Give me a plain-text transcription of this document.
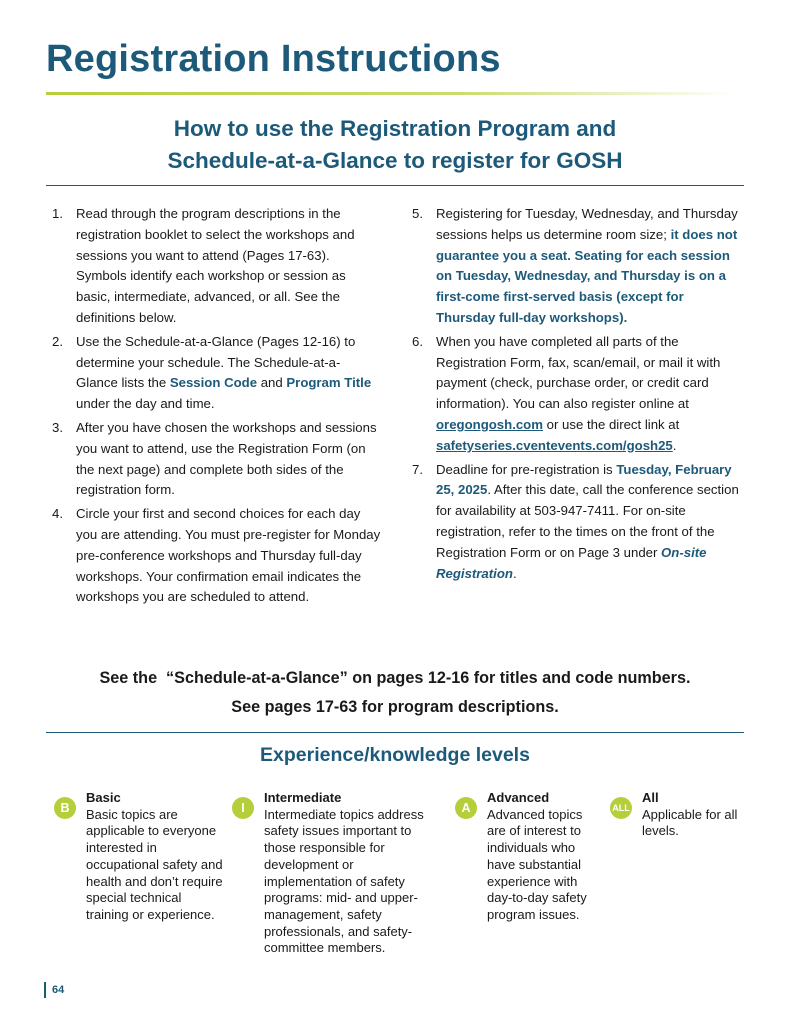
Registration Instructions
How to use the Registration Program and
Schedule-at-a-Glance to register for GOSH
1. Read through the program descriptions in the registration booklet to select the workshops and sessions you want to attend (Pages 17-63). Symbols identify each workshop or session as basic, intermediate, advanced, or all. See the definitions below.
2. Use the Schedule-at-a-Glance (Pages 12-16) to determine your schedule. The Schedule-at-a-Glance lists the Session Code and Program Title under the day and time.
3. After you have chosen the workshops and sessions you want to attend, use the Registration Form (on the next page) and complete both sides of the registration form.
4. Circle your first and second choices for each day you are attending. You must pre-register for Monday pre-conference workshops and Thursday full-day workshops. Your confirmation email indicates the workshops you are scheduled to attend.
5. Registering for Tuesday, Wednesday, and Thursday sessions helps us determine room size; it does not guarantee you a seat. Seating for each session on Tuesday, Wednesday, and Thursday is on a first-come first-served basis (except for Thursday full-day workshops).
6. When you have completed all parts of the Registration Form, fax, scan/email, or mail it with payment (check, purchase order, or credit card information). You can also register online at oregongosh.com or use the direct link at safetyseries.cventevents.com/gosh25.
7. Deadline for pre-registration is Tuesday, February 25, 2025. After this date, call the conference section for availability at 503-947-7411. For on-site registration, refer to the times on the front of the Registration Form or on Page 3 under On-site Registration.
See the  “Schedule-at-a-Glance” on pages 12-16 for titles and code numbers.
See pages 17-63 for program descriptions.
Experience/knowledge levels
B
Basic
Basic topics are applicable to everyone interested in occupational safety and health and don’t require special technical training or experience.
I
Intermediate
Intermediate topics address safety issues important to those responsible for development or implementation of safety programs: mid- and upper-management, safety professionals, and safety-committee members.
A
Advanced
Advanced topics are of interest to individuals who have substantial experience with day-to-day safety program issues.
ALL
All
Applicable for all levels.
64
